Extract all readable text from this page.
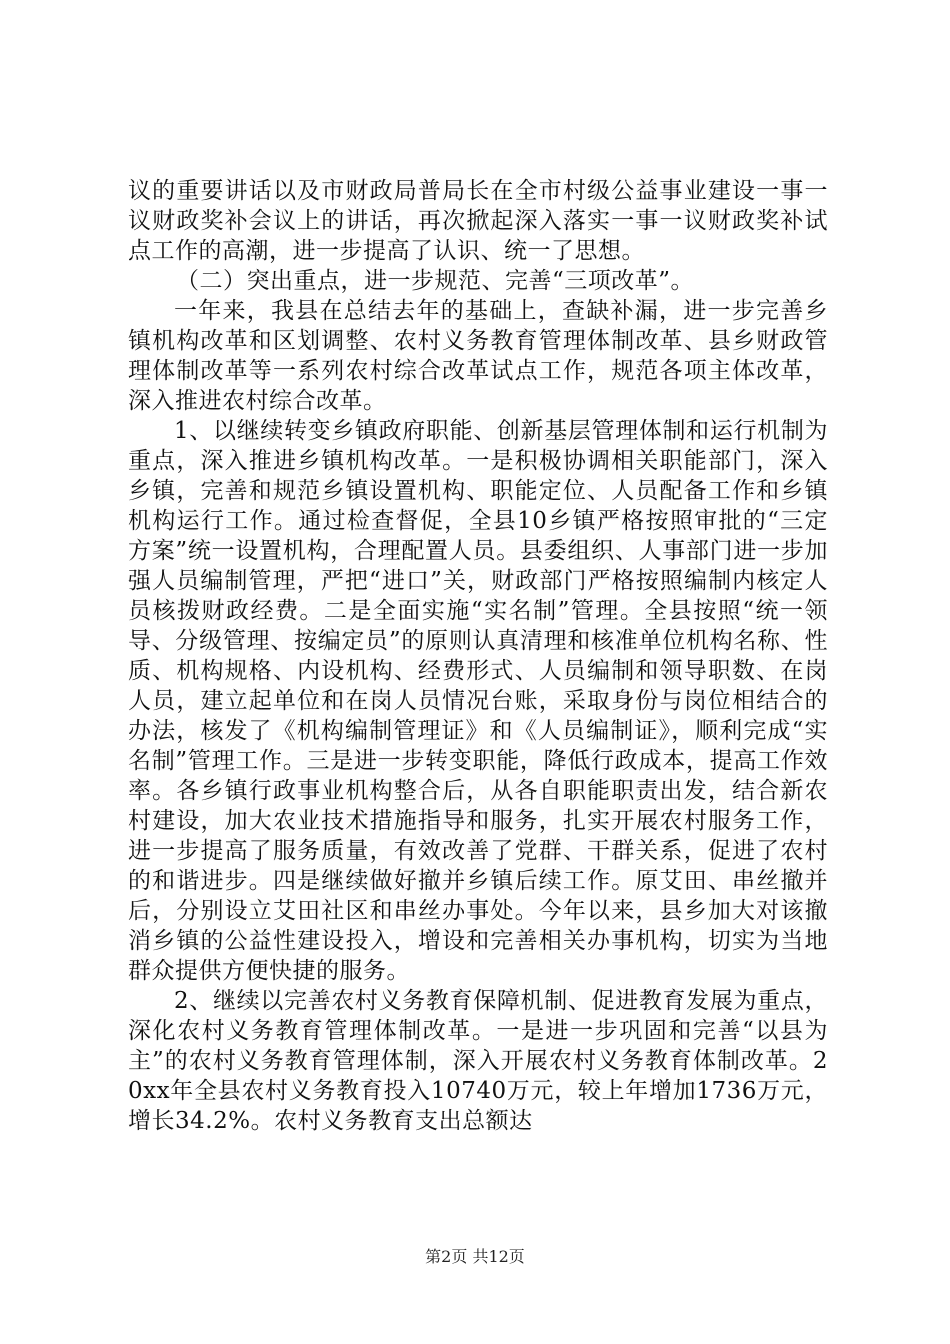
议的重要讲话以及市财政局普局长在全市村级公益事业建设一事一议财政奖补会议上的讲话，再次掀起深入落实一事一议财政奖补试点工作的高潮，进一步提高了认识、统一了思想。

（二）突出重点，进一步规范、完善“三项改革”。

一年来，我县在总结去年的基础上，查缺补漏，进一步完善乡镇机构改革和区划调整、农村义务教育管理体制改革、县乡财政管理体制改革等一系列农村综合改革试点工作，规范各项主体改革，深入推进农村综合改革。

1、以继续转变乡镇政府职能、创新基层管理体制和运行机制为重点，深入推进乡镇机构改革。一是积极协调相关职能部门，深入乡镇，完善和规范乡镇设置机构、职能定位、人员配备工作和乡镇机构运行工作。通过检查督促，全县10乡镇严格按照审批的“三定方案”统一设置机构，合理配置人员。县委组织、人事部门进一步加强人员编制管理，严把“进口”关，财政部门严格按照编制内核定人员核拨财政经费。二是全面实施“实名制”管理。全县按照“统一领导、分级管理、按编定员”的原则认真清理和核准单位机构名称、性质、机构规格、内设机构、经费形式、人员编制和领导职数、在岗人员，建立起单位和在岗人员情况台账，采取身份与岗位相结合的办法，核发了《机构编制管理证》和《人员编制证》，顺利完成“实名制”管理工作。三是进一步转变职能，降低行政成本，提高工作效率。各乡镇行政事业机构整合后，从各自职能职责出发，结合新农村建设，加大农业技术措施指导和服务，扎实开展农村服务工作，进一步提高了服务质量，有效改善了党群、干群关系，促进了农村的和谐进步。四是继续做好撤并乡镇后续工作。原艾田、串丝撤并后，分别设立艾田社区和串丝办事处。今年以来，县乡加大对该撤消乡镇的公益性建设投入，增设和完善相关办事机构，切实为当地群众提供方便快捷的服务。

2、继续以完善农村义务教育保障机制、促进教育发展为重点，深化农村义务教育管理体制改革。一是进一步巩固和完善“以县为主”的农村义务教育管理体制，深入开展农村义务教育体制改革。20xx年全县农村义务教育投入10740万元，较上年增加1736万元，增长34.2%。农村义务教育支出总额达

第2页 共12页
